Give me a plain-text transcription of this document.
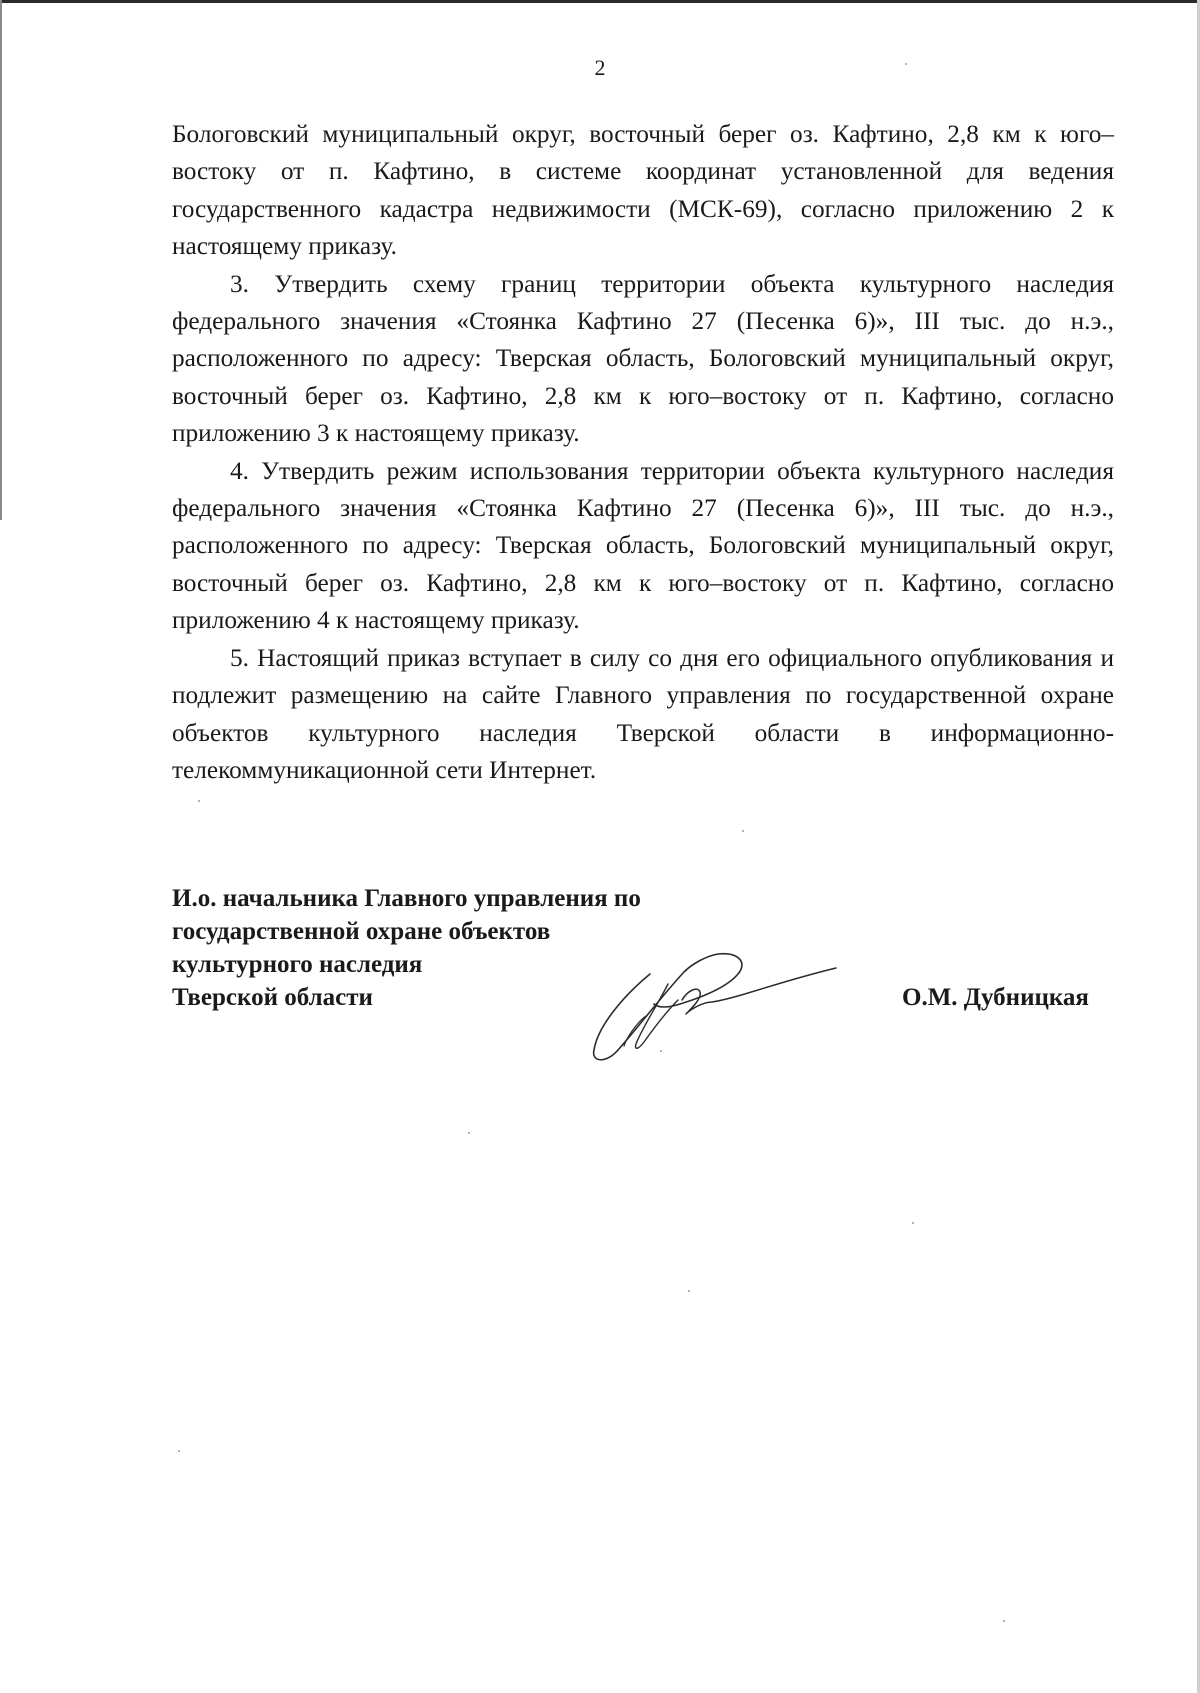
2

Бологовский муниципальный округ, восточный берег оз. Кафтино, 2,8 км к юго–востоку от п. Кафтино, в системе координат установленной для ведения государственного кадастра недвижимости (МСК-69), согласно приложению 2 к настоящему приказу.

3. Утвердить схему границ территории объекта культурного наследия федерального значения «Стоянка Кафтино 27 (Песенка 6)», III тыс. до н.э., расположенного по адресу: Тверская область, Бологовский муниципальный округ, восточный берег оз. Кафтино, 2,8 км к юго–востоку от п. Кафтино, согласно приложению 3 к настоящему приказу.

4. Утвердить режим использования территории объекта культурного наследия федерального значения «Стоянка Кафтино 27 (Песенка 6)», III тыс. до н.э., расположенного по адресу: Тверская область, Бологовский муниципальный округ, восточный берег оз. Кафтино, 2,8 км к юго–востоку от п. Кафтино, согласно приложению 4 к настоящему приказу.

5. Настоящий приказ вступает в силу со дня его официального опубликования и подлежит размещению на сайте Главного управления по государственной охране объектов культурного наследия Тверской области в информационно-телекоммуникационной сети Интернет.

И.о. начальника Главного управления по
государственной охране объектов
культурного наследия
Тверской области	О.М. Дубницкая
